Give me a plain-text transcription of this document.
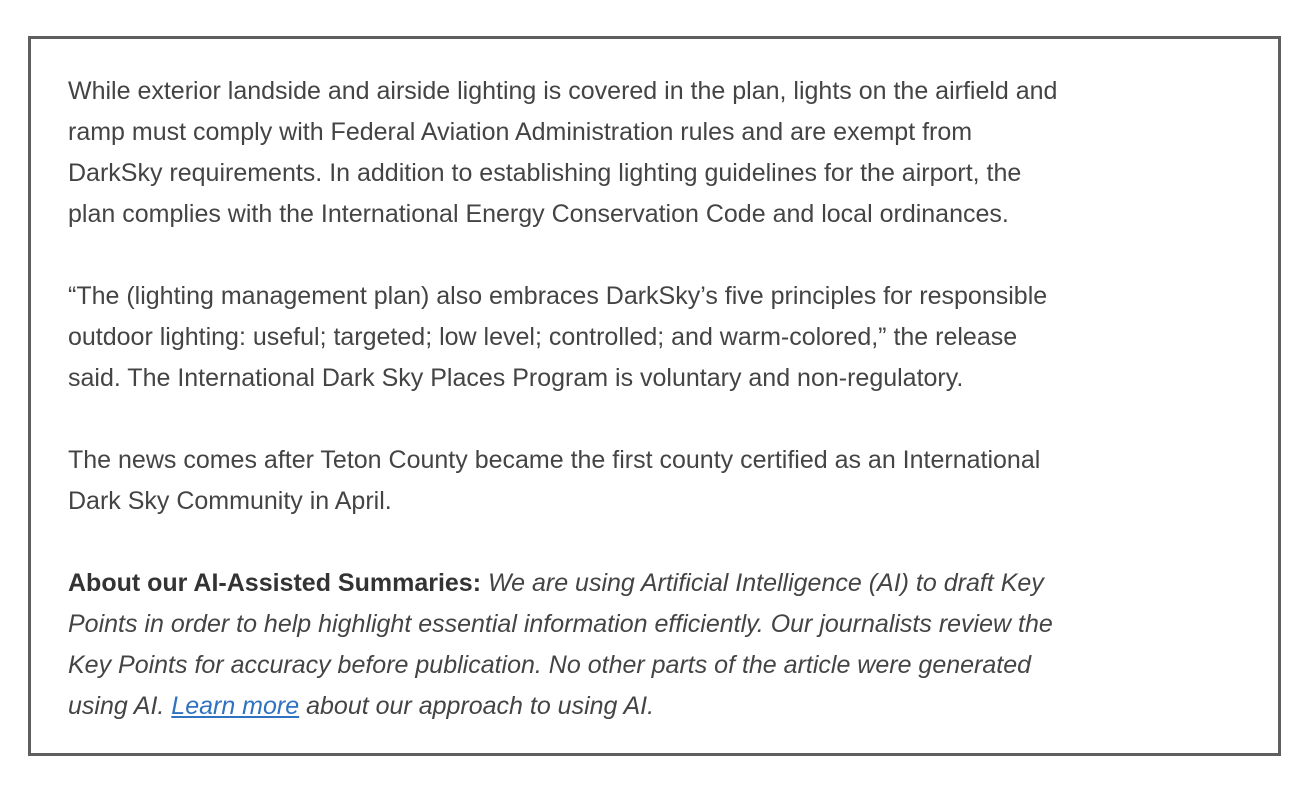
While exterior landside and airside lighting is covered in the plan, lights on the airfield and
ramp must comply with Federal Aviation Administration rules and are exempt from
DarkSky requirements. In addition to establishing lighting guidelines for the airport, the
plan complies with the International Energy Conservation Code and local ordinances.

“The (lighting management plan) also embraces DarkSky’s five principles for responsible
outdoor lighting: useful; targeted; low level; controlled; and warm-colored,” the release
said. The International Dark Sky Places Program is voluntary and non-regulatory.

The news comes after Teton County became the first county certified as an International
Dark Sky Community in April.

About our AI-Assisted Summaries: We are using Artificial Intelligence (AI) to draft Key
Points in order to help highlight essential information efficiently. Our journalists review the
Key Points for accuracy before publication. No other parts of the article were generated
using AI. Learn more about our approach to using AI.
